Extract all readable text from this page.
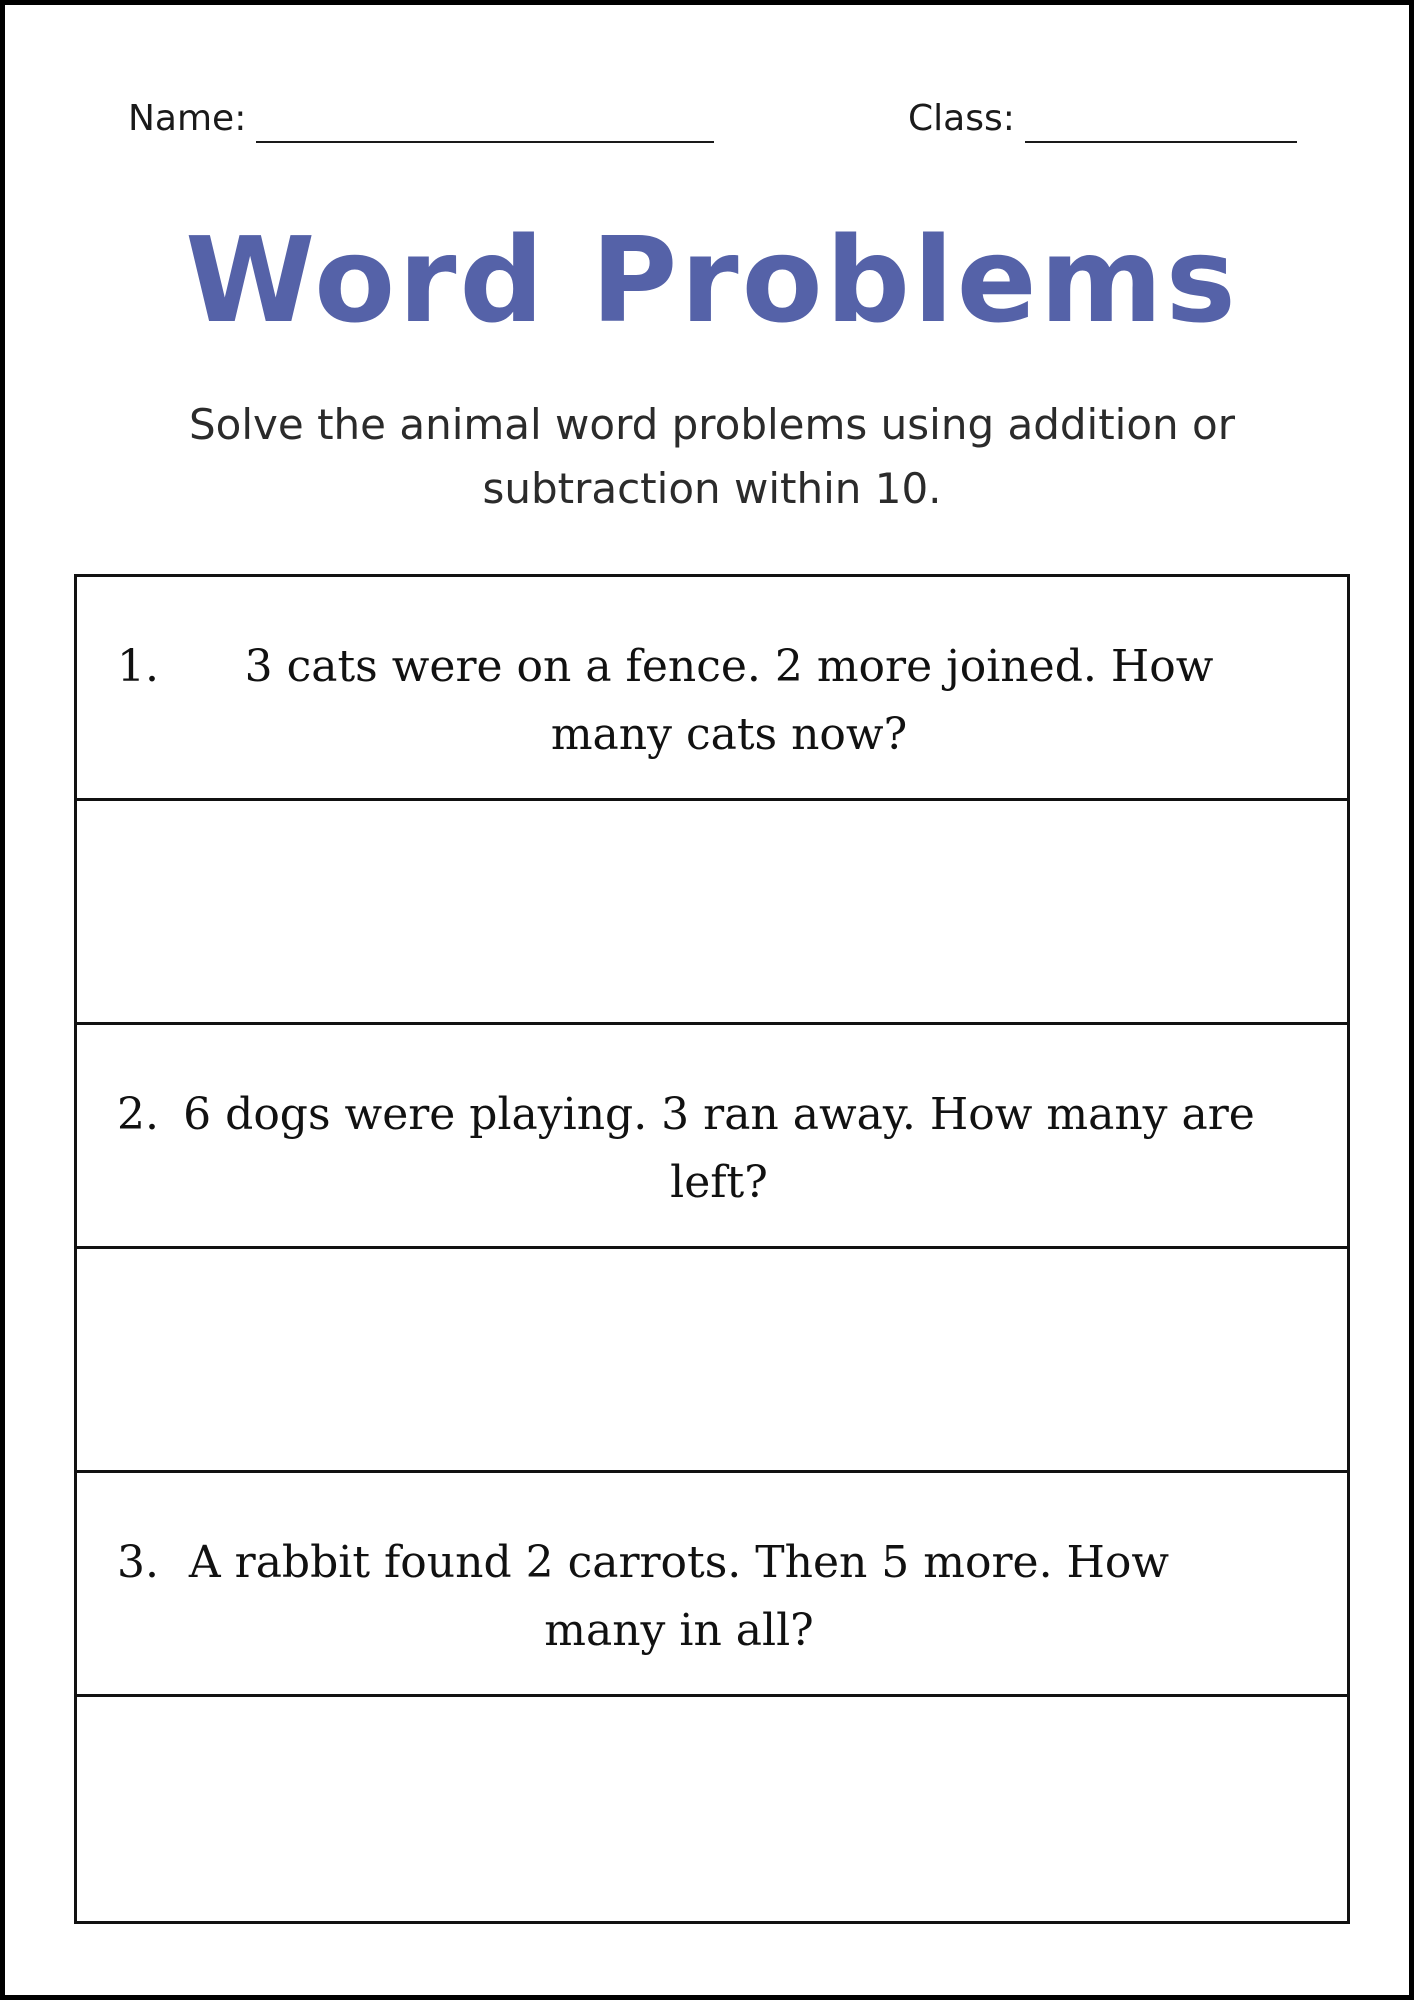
Name:	Class:
Word Problems
Solve the animal word problems using addition or subtraction within 10.
1.	3 cats were on a fence. 2 more joined. How many cats now?
2. 6 dogs were playing. 3 ran away. How many are left?
3. A rabbit found 2 carrots. Then 5 more. How many in all?
